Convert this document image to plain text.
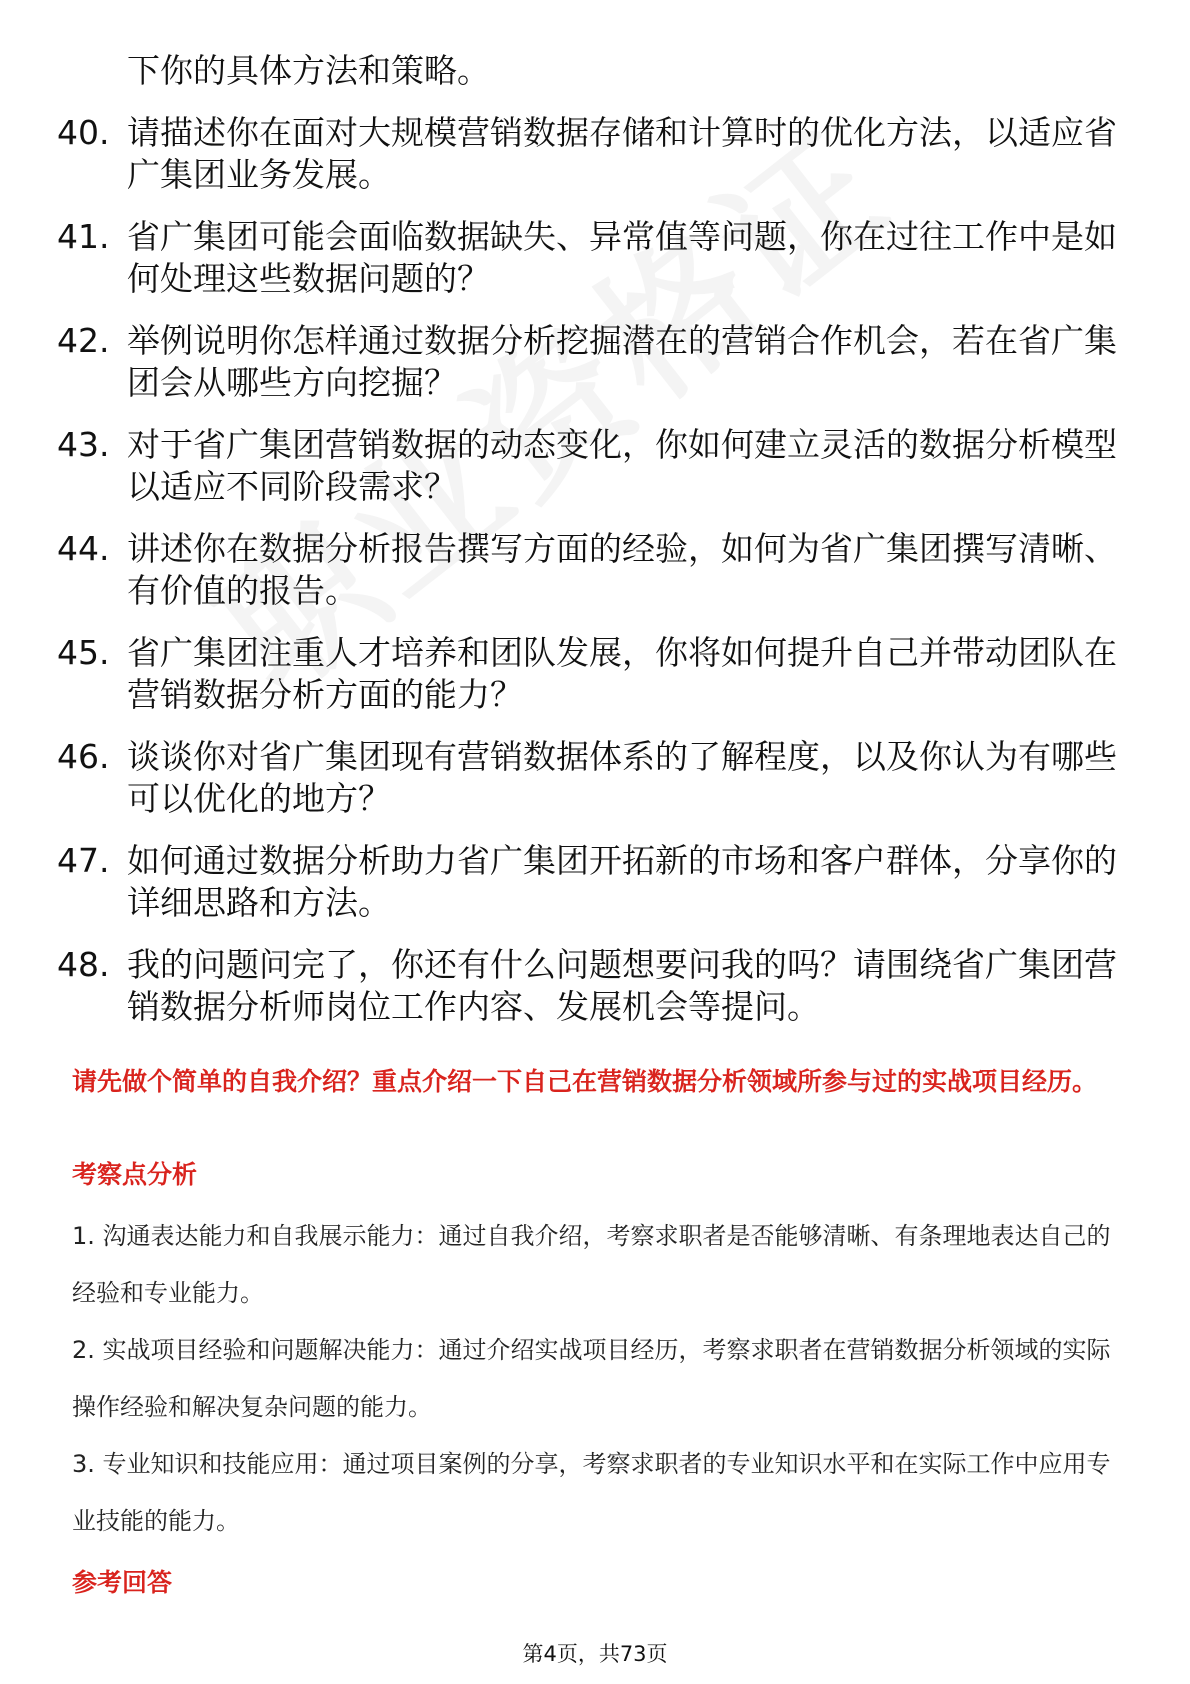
下你的具体方法和策略。

40. 请描述你在面对大规模营销数据存储和计算时的优化方法，以适应省广集团业务发展。
41. 省广集团可能会面临数据缺失、异常值等问题，你在过往工作中是如何处理这些数据问题的？
42. 举例说明你怎样通过数据分析挖掘潜在的营销合作机会，若在省广集团会从哪些方向挖掘？
43. 对于省广集团营销数据的动态变化，你如何建立灵活的数据分析模型以适应不同阶段需求？
44. 讲述你在数据分析报告撰写方面的经验，如何为省广集团撰写清晰、有价值的报告。
45. 省广集团注重人才培养和团队发展，你将如何提升自己并带动团队在营销数据分析方面的能力？
46. 谈谈你对省广集团现有营销数据体系的了解程度，以及你认为有哪些可以优化的地方？
47. 如何通过数据分析助力省广集团开拓新的市场和客户群体，分享你的详细思路和方法。
48. 我的问题问完了，你还有什么问题想要问我的吗？请围绕省广集团营销数据分析师岗位工作内容、发展机会等提问。

请先做个简单的自我介绍？重点介绍一下自己在营销数据分析领域所参与过的实战项目经历。

考察点分析
1. 沟通表达能力和自我展示能力：通过自我介绍，考察求职者是否能够清晰、有条理地表达自己的经验和专业能力。
2. 实战项目经验和问题解决能力：通过介绍实战项目经历，考察求职者在营销数据分析领域的实际操作经验和解决复杂问题的能力。
3. 专业知识和技能应用：通过项目案例的分享，考察求职者的专业知识水平和在实际工作中应用专业技能的能力。
参考回答
第4页，共73页
